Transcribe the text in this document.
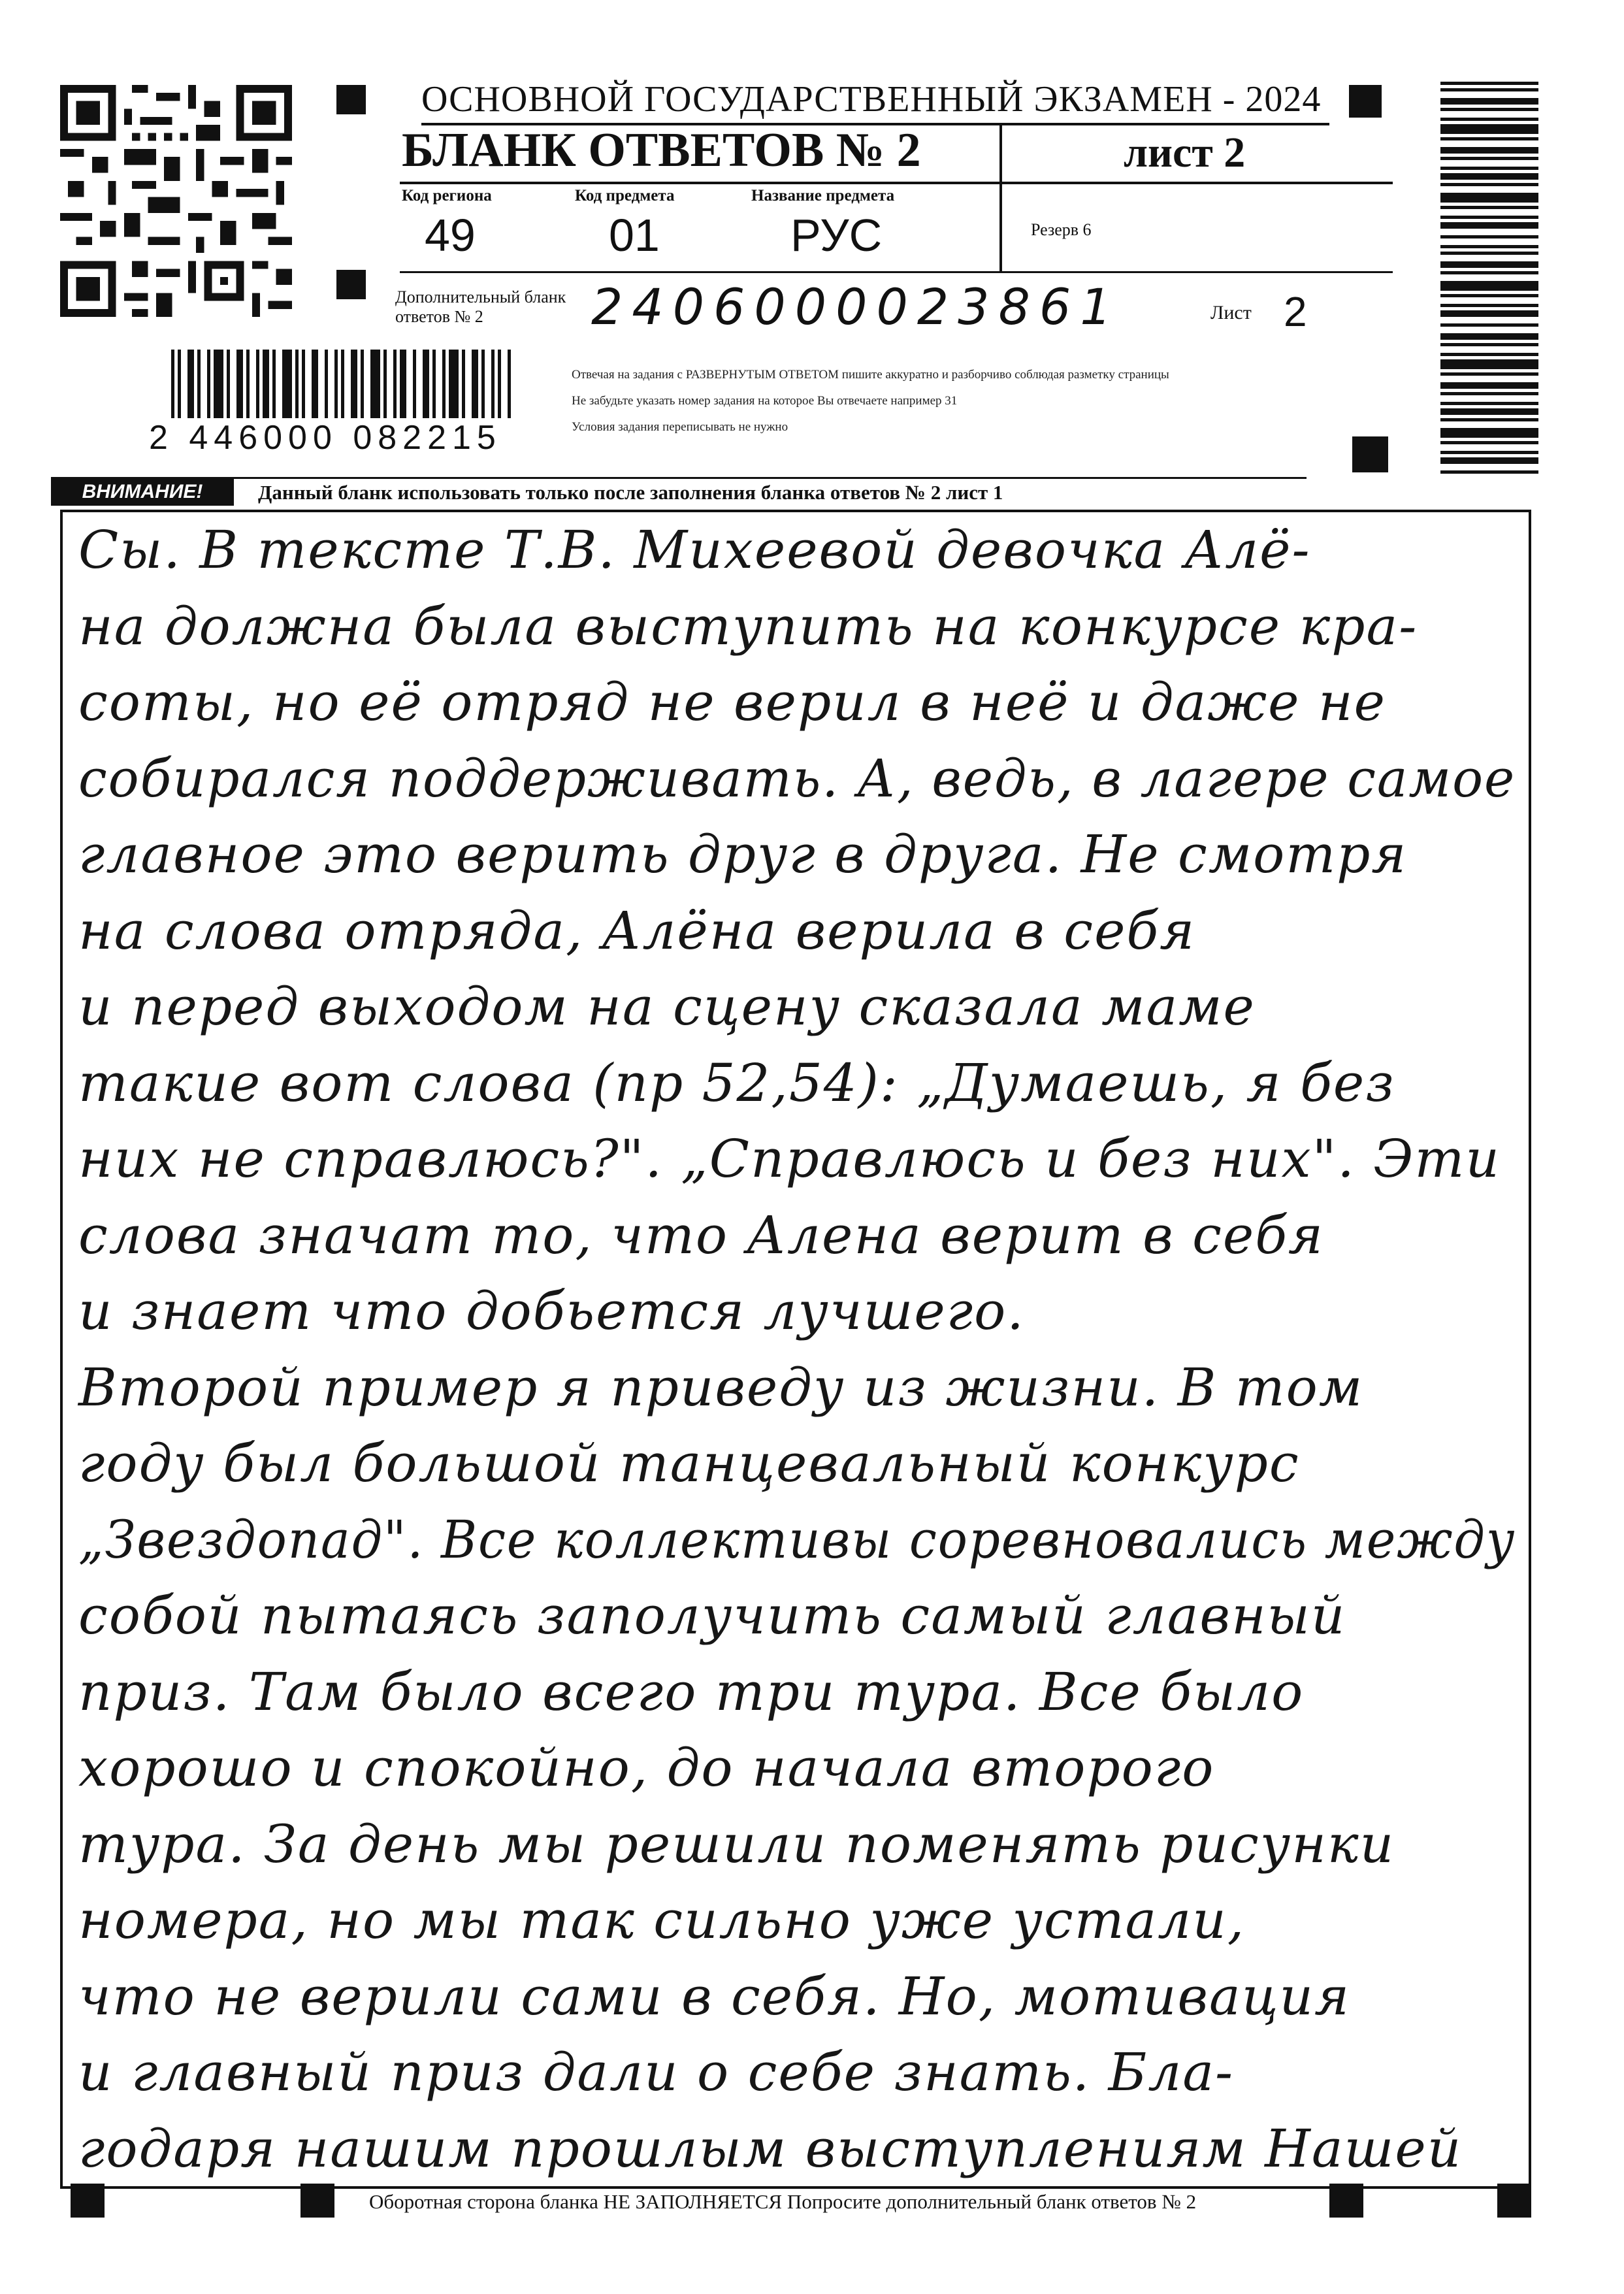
ОСНОВНОЙ ГОСУДАРСТВЕННЫЙ ЭКЗАМЕН - 2024
БЛАНК ОТВЕТОВ № 2	лист 2
Код региона
49
Код предмета
01
Название предмета
РУС	Резерв 6
Дополнительный бланк ответов № 2	2406000023861	Лист 2
Отвечая на задания с РАЗВЕРНУТЫМ ОТВЕТОМ пишите аккуратно и разборчиво соблюдая разметку страницы
Не забудьте указать номер задания на которое Вы отвечаете например 31
Условия задания переписывать не нужно
2 446000 082215
ВНИМАНИЕ!	Данный бланк использовать только после заполнения бланка ответов № 2 лист 1
Сы. В тексте Т.В. Михеевой девочка Алё-
на должна была выступить на конкурсе кра-
соты, но её отряд не верил в неё и даже не
собирался поддерживать. А, ведь, в лагере самое
главное это верить друг в друга. Не смотря
на слова отряда, Алёна верила в себя
и перед выходом на сцену сказала маме
такие вот слова (пр 52,54): „Думаешь, я без
них не справлюсь?". „Справлюсь и без них". Эти
слова значат то, что Алена верит в себя
и знает что добьется лучшего.
Второй пример я приведу из жизни. В том
году был большой танцевальный конкурс
„Звездопад". Все коллективы соревновались между
собой пытаясь заполучить самый главный
приз. Там было всего три тура. Все было
хорошо и спокойно, до начала второго
тура. За день мы решили поменять рисунки
номера, но мы так сильно уже устали,
что не верили сами в себя. Но, мотивация
и главный приз дали о себе знать. Бла-
годаря нашим прошлым выступлениям Нашей
Оборотная сторона бланка НЕ ЗАПОЛНЯЕТСЯ Попросите дополнительный бланк ответов № 2
